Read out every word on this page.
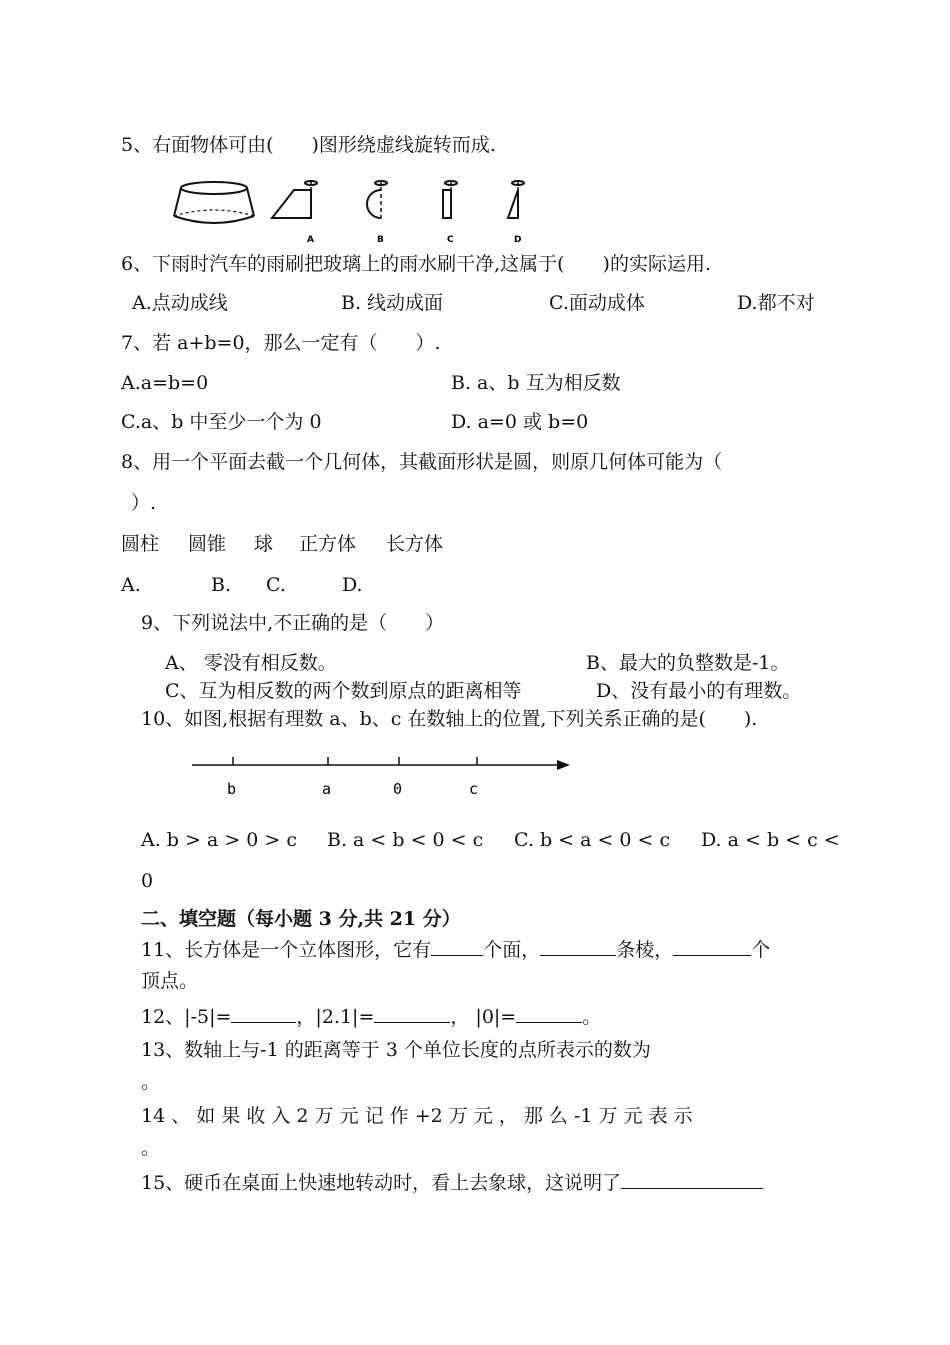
5、右面物体可由(　　)图形绕虚线旋转而成.
A	B	C	D
6、下雨时汽车的雨刷把玻璃上的雨水刷干净,这属于(　　)的实际运用.
A.点动成线	B. 线动成面	C.面动成体	D.都不对
7、若 a+b=0，那么一定有（　　）.
A.a=b=0	B. a、b 互为相反数
C.a、b 中至少一个为 0	D. a=0 或 b=0
8、用一个平面去截一个几何体，其截面形状是圆，则原几何体可能为（
）.
圆柱 圆锥 球 正方体 长方体
A.	B. C.	D.
9、下列说法中,不正确的是（　　）
A、 零没有相反数。	B、最大的负整数是-1。
C、互为相反数的两个数到原点的距离相等	D、没有最小的有理数。
10、如图,根据有理数 a、b、c 在数轴上的位置,下列关系正确的是(　　).
b	a	0	c
A. b > a > 0 > c B. a < b < 0 < c C. b < a < 0 < c D. a < b < c <
0
二、填空题（每小题 3 分,共 21 分）
11、长方体是一个立体图形，它有	个面，	条棱，	个
顶点。
12、|-5|=	，|2.1|=	， |0|=	。
13、数轴上与-1 的距离等于 3 个单位长度的点所表示的数为
。
14 、 如 果 收 入 2 万 元 记 作 +2 万 元 ， 那 么 -1 万 元 表 示
。
15、硬币在桌面上快速地转动时，看上去象球，这说明了
